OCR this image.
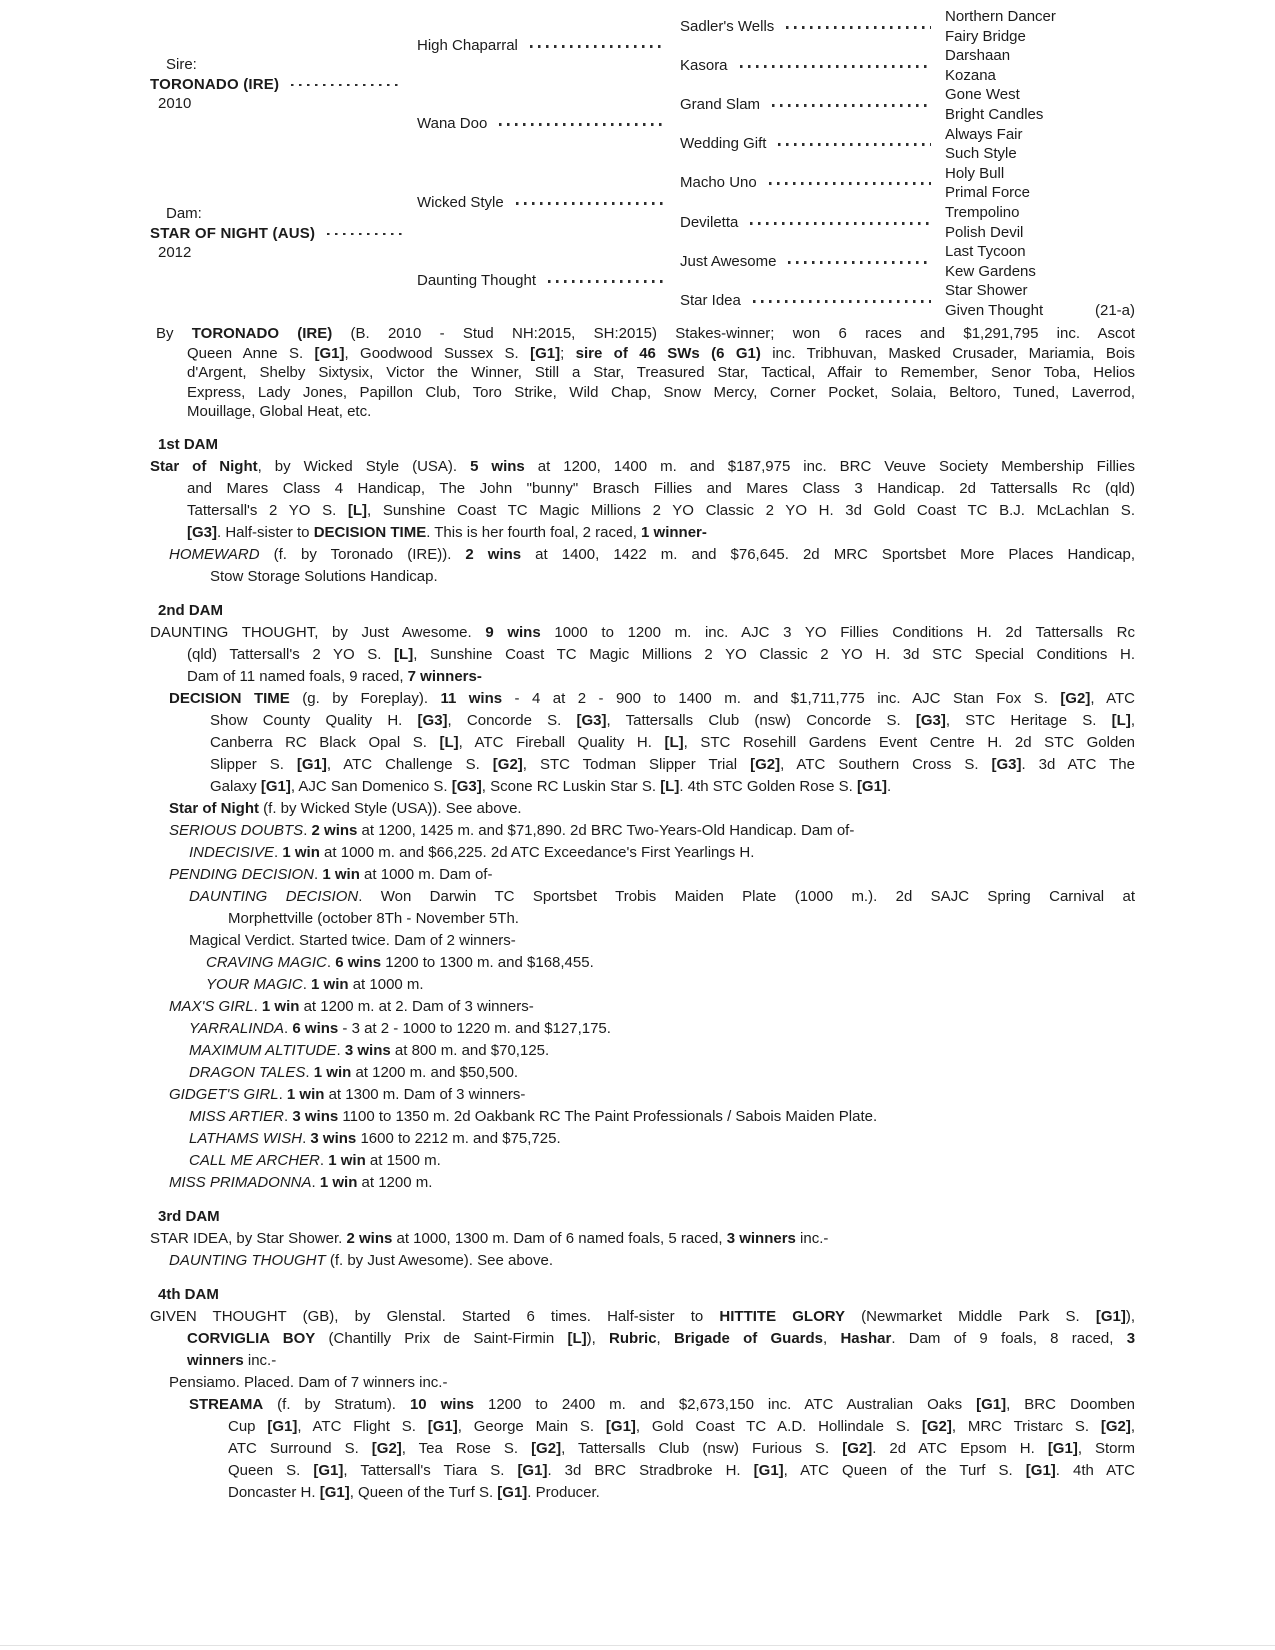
Sire:
TORONADO (IRE)
2010
Dam:
STAR OF NIGHT (AUS)
2012
High Chaparral
Wana Doo
Wicked Style
Daunting Thought
Sadler's Wells
Kasora
Grand Slam
Wedding Gift
Macho Uno
Deviletta
Just Awesome
Star Idea
Northern Dancer
Fairy Bridge
Darshaan
Kozana
Gone West
Bright Candles
Always Fair
Such Style
Holy Bull
Primal Force
Trempolino
Polish Devil
Last Tycoon
Kew Gardens
Star Shower
Given Thought	(21-a)
By TORONADO (IRE) (B. 2010 - Stud NH:2015, SH:2015) Stakes-winner; won 6 races and $1,291,795 inc. Ascot
Queen Anne S. [G1], Goodwood Sussex S. [G1]; sire of 46 SWs (6 G1) inc. Tribhuvan, Masked Crusader, Mariamia, Bois
d'Argent, Shelby Sixtysix, Victor the Winner, Still a Star, Treasured Star, Tactical, Affair to Remember, Senor Toba, Helios
Express, Lady Jones, Papillon Club, Toro Strike, Wild Chap, Snow Mercy, Corner Pocket, Solaia, Beltoro, Tuned, Laverrod,
Mouillage, Global Heat, etc.
1st DAM
Star of Night, by Wicked Style (USA). 5 wins at 1200, 1400 m. and $187,975 inc. BRC Veuve Society Membership Fillies
and Mares Class 4 Handicap, The John "bunny" Brasch Fillies and Mares Class 3 Handicap. 2d Tattersalls Rc (qld)
Tattersall's 2 YO S. [L], Sunshine Coast TC Magic Millions 2 YO Classic 2 YO H. 3d Gold Coast TC B.J. McLachlan S.
[G3]. Half-sister to DECISION TIME. This is her fourth foal, 2 raced, 1 winner-
HOMEWARD (f. by Toronado (IRE)). 2 wins at 1400, 1422 m. and $76,645. 2d MRC Sportsbet More Places Handicap,
Stow Storage Solutions Handicap.
2nd DAM
DAUNTING THOUGHT, by Just Awesome. 9 wins 1000 to 1200 m. inc. AJC 3 YO Fillies Conditions H. 2d Tattersalls Rc
(qld) Tattersall's 2 YO S. [L], Sunshine Coast TC Magic Millions 2 YO Classic 2 YO H. 3d STC Special Conditions H.
Dam of 11 named foals, 9 raced, 7 winners-
DECISION TIME (g. by Foreplay). 11 wins - 4 at 2 - 900 to 1400 m. and $1,711,775 inc. AJC Stan Fox S. [G2], ATC
Show County Quality H. [G3], Concorde S. [G3], Tattersalls Club (nsw) Concorde S. [G3], STC Heritage S. [L],
Canberra RC Black Opal S. [L], ATC Fireball Quality H. [L], STC Rosehill Gardens Event Centre H. 2d STC Golden
Slipper S. [G1], ATC Challenge S. [G2], STC Todman Slipper Trial [G2], ATC Southern Cross S. [G3]. 3d ATC The
Galaxy [G1], AJC San Domenico S. [G3], Scone RC Luskin Star S. [L]. 4th STC Golden Rose S. [G1].
Star of Night (f. by Wicked Style (USA)). See above.
SERIOUS DOUBTS. 2 wins at 1200, 1425 m. and $71,890. 2d BRC Two-Years-Old Handicap. Dam of-
INDECISIVE. 1 win at 1000 m. and $66,225. 2d ATC Exceedance's First Yearlings H.
PENDING DECISION. 1 win at 1000 m. Dam of-
DAUNTING DECISION. Won Darwin TC Sportsbet Trobis Maiden Plate (1000 m.). 2d SAJC Spring Carnival at
Morphettville (october 8Th - November 5Th.
Magical Verdict. Started twice. Dam of 2 winners-
CRAVING MAGIC. 6 wins 1200 to 1300 m. and $168,455.
YOUR MAGIC. 1 win at 1000 m.
MAX'S GIRL. 1 win at 1200 m. at 2. Dam of 3 winners-
YARRALINDA. 6 wins - 3 at 2 - 1000 to 1220 m. and $127,175.
MAXIMUM ALTITUDE. 3 wins at 800 m. and $70,125.
DRAGON TALES. 1 win at 1200 m. and $50,500.
GIDGET'S GIRL. 1 win at 1300 m. Dam of 3 winners-
MISS ARTIER. 3 wins 1100 to 1350 m. 2d Oakbank RC The Paint Professionals / Sabois Maiden Plate.
LATHAMS WISH. 3 wins 1600 to 2212 m. and $75,725.
CALL ME ARCHER. 1 win at 1500 m.
MISS PRIMADONNA. 1 win at 1200 m.
3rd DAM
STAR IDEA, by Star Shower. 2 wins at 1000, 1300 m. Dam of 6 named foals, 5 raced, 3 winners inc.-
DAUNTING THOUGHT (f. by Just Awesome). See above.
4th DAM
GIVEN THOUGHT (GB), by Glenstal. Started 6 times. Half-sister to HITTITE GLORY (Newmarket Middle Park S. [G1]),
CORVIGLIA BOY (Chantilly Prix de Saint-Firmin [L]), Rubric, Brigade of Guards, Hashar. Dam of 9 foals, 8 raced, 3
winners inc.-
Pensiamo. Placed. Dam of 7 winners inc.-
STREAMA (f. by Stratum). 10 wins 1200 to 2400 m. and $2,673,150 inc. ATC Australian Oaks [G1], BRC Doomben
Cup [G1], ATC Flight S. [G1], George Main S. [G1], Gold Coast TC A.D. Hollindale S. [G2], MRC Tristarc S. [G2],
ATC Surround S. [G2], Tea Rose S. [G2], Tattersalls Club (nsw) Furious S. [G2]. 2d ATC Epsom H. [G1], Storm
Queen S. [G1], Tattersall's Tiara S. [G1]. 3d BRC Stradbroke H. [G1], ATC Queen of the Turf S. [G1]. 4th ATC
Doncaster H. [G1], Queen of the Turf S. [G1]. Producer.
